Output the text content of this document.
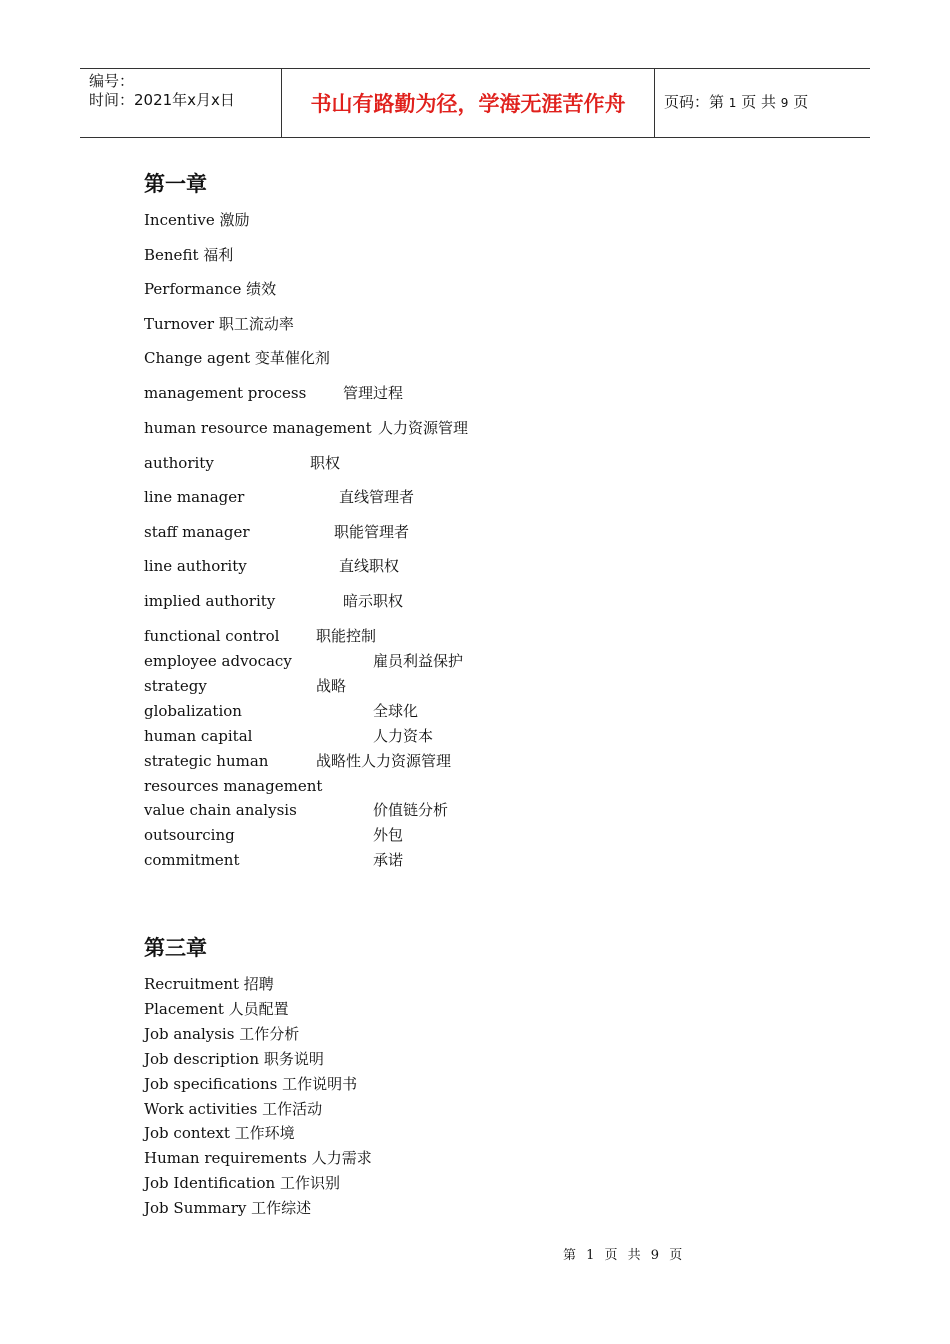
编号：
时间：2021年x月x日	书山有路勤为径，学海无涯苦作舟	页码：第 1 页 共 9 页
第一章
Incentive 激励
Benefit 福利
Performance 绩效
Turnover 职工流动率
Change agent 变革催化剂
management process 管理过程
human resource management 人力资源管理
authority	职权
line manager	直线管理者
staff manager	职能管理者
line authority	直线职权
implied authority	暗示职权
functional control 职能控制
employee advocacy	雇员利益保护
strategy	战略
globalization	全球化
human capital	人力资本
strategic human	战略性人力资源管理
resources management
value chain analysis	价值链分析
outsourcing	外包
commitment	承诺
第三章
Recruitment 招聘
Placement 人员配置
Job analysis 工作分析
Job description 职务说明
Job specifications 工作说明书
Work activities 工作活动
Job context 工作环境
Human requirements 人力需求
Job Identification 工作识别
Job Summary 工作综述
第 1 页 共 9 页
